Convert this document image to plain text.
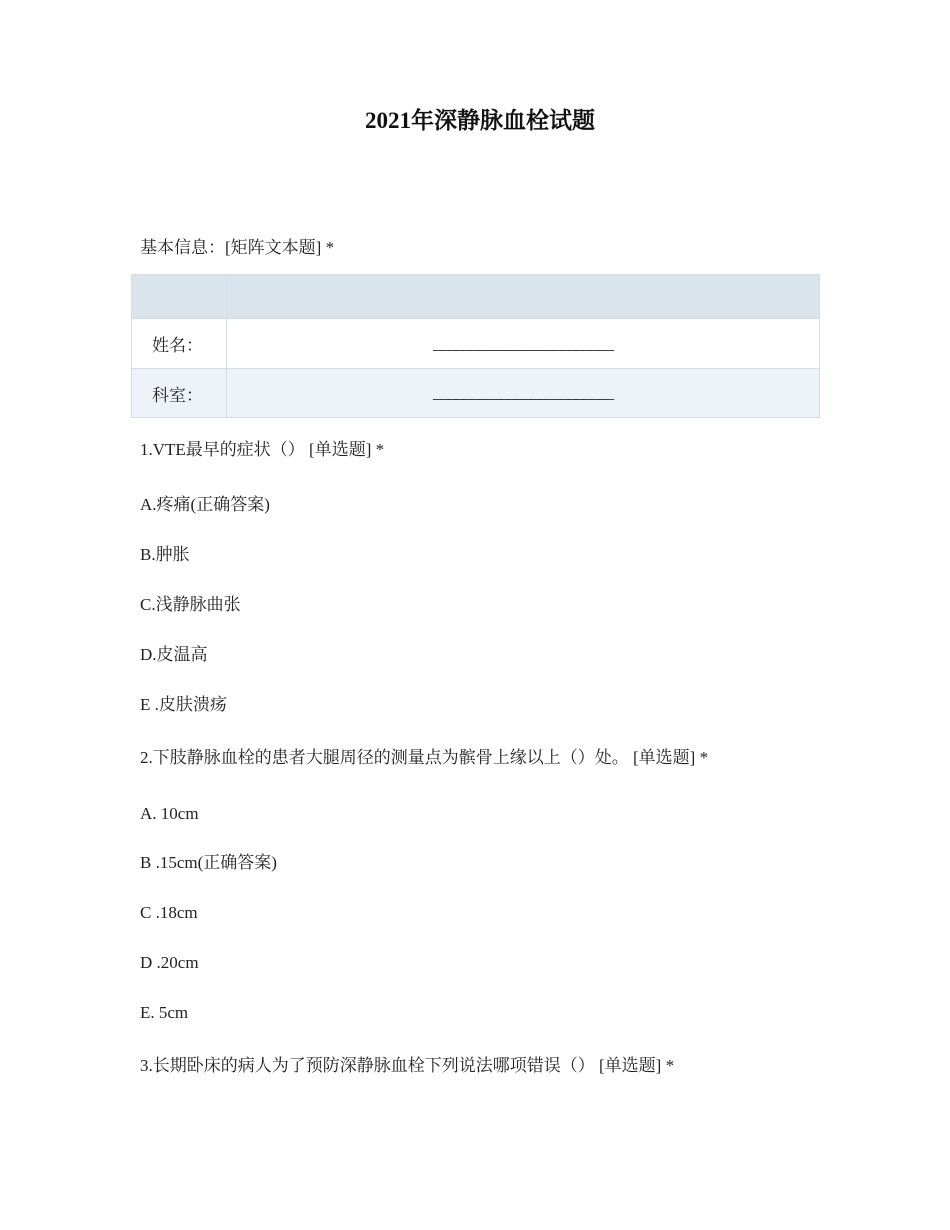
2021年深静脉血栓试题
基本信息：[矩阵文本题] *

姓名：	________________________
科室：	________________________
1.VTE最早的症状（） [单选题] *
A.疼痛(正确答案)
B.肿胀
C.浅静脉曲张
D.皮温高
E .皮肤溃疡
2.下肢静脉血栓的患者大腿周径的测量点为髌骨上缘以上（）处。 [单选题] *
A. 10cm
B .15cm(正确答案)
C .18cm
D .20cm
E. 5cm
3.长期卧床的病人为了预防深静脉血栓下列说法哪项错误（） [单选题] *
